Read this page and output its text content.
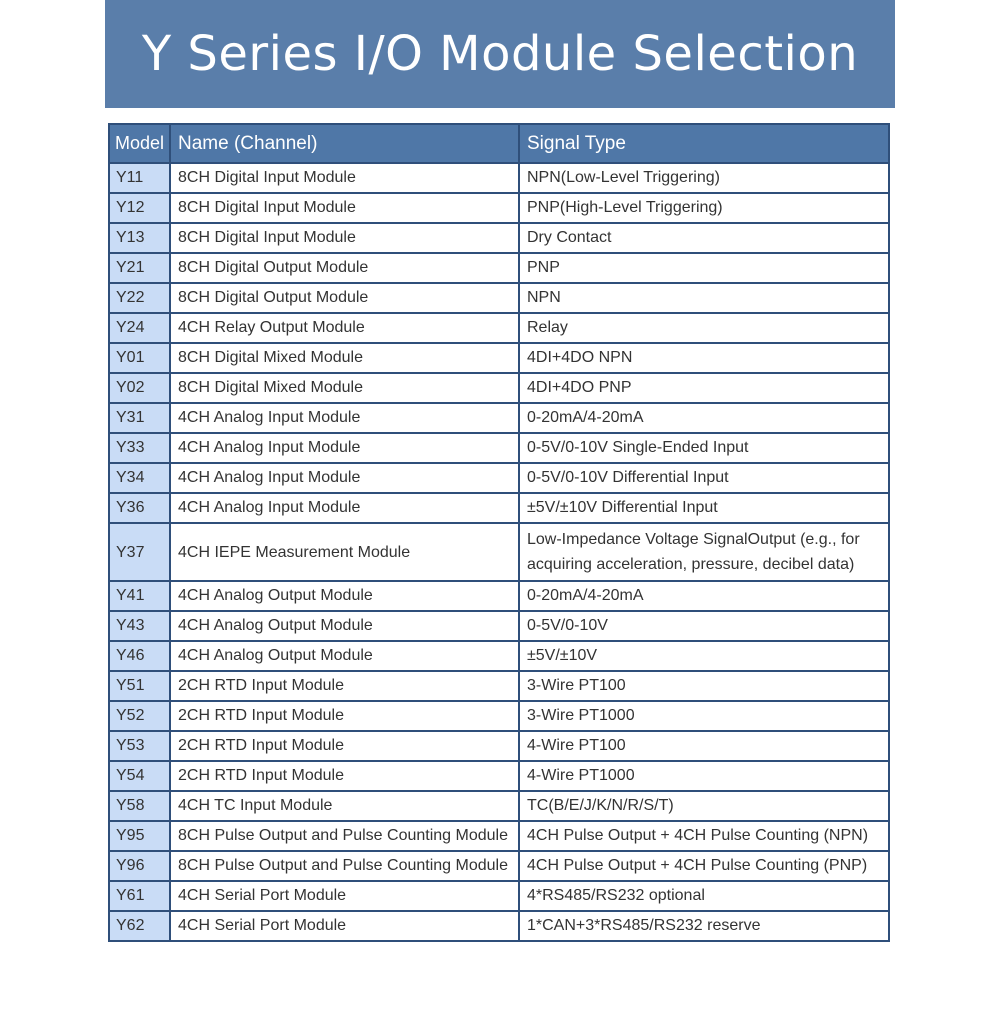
Y Series I/O Module Selection
Model	Name (Channel)	Signal Type
Y11	8CH Digital Input Module	NPN(Low-Level Triggering)
Y12	8CH Digital Input Module	PNP(High-Level Triggering)
Y13	8CH Digital Input Module	Dry Contact
Y21	8CH Digital Output Module	PNP
Y22	8CH Digital Output Module	NPN
Y24	4CH Relay Output Module	Relay
Y01	8CH Digital Mixed Module	4DI+4DO NPN
Y02	8CH Digital Mixed Module	4DI+4DO PNP
Y31	4CH Analog Input Module	0-20mA/4-20mA
Y33	4CH Analog Input Module	0-5V/0-10V Single-Ended Input
Y34	4CH Analog Input Module	0-5V/0-10V Differential Input
Y36	4CH Analog Input Module	±5V/±10V Differential Input
Y37	4CH IEPE Measurement Module	Low-Impedance Voltage SignalOutput (e.g., for acquiring acceleration, pressure, decibel data)
Y41	4CH Analog Output Module	0-20mA/4-20mA
Y43	4CH Analog Output Module	0-5V/0-10V
Y46	4CH Analog Output Module	±5V/±10V
Y51	2CH RTD Input Module	3-Wire PT100
Y52	2CH RTD Input Module	3-Wire PT1000
Y53	2CH RTD Input Module	4-Wire PT100
Y54	2CH RTD Input Module	4-Wire PT1000
Y58	4CH TC Input Module	TC(B/E/J/K/N/R/S/T)
Y95	8CH Pulse Output and Pulse Counting Module	4CH Pulse Output + 4CH Pulse Counting (NPN)
Y96	8CH Pulse Output and Pulse Counting Module	4CH Pulse Output + 4CH Pulse Counting (PNP)
Y61	4CH Serial Port Module	4*RS485/RS232 optional
Y62	4CH Serial Port Module	1*CAN+3*RS485/RS232 reserve
